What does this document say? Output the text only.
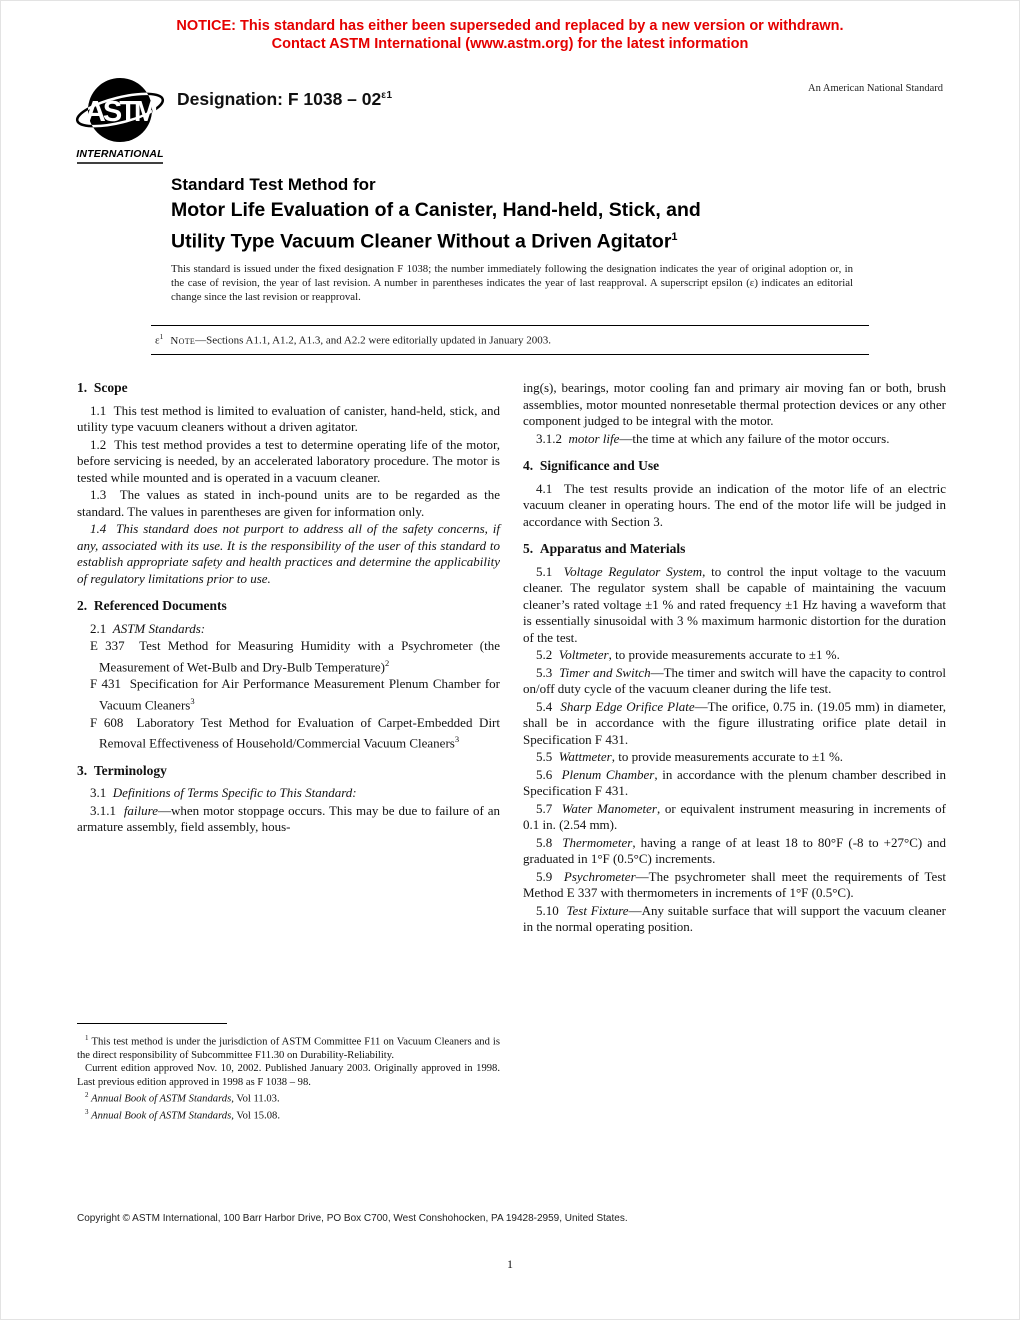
NOTICE: This standard has either been superseded and replaced by a new version or withdrawn.
Contact ASTM International (www.astm.org) for the latest information
ASTM
INTERNATIONAL
Designation: F $1038 - 02^{\varepsilon 1}$
An American National Standard
Standard Test Method for
Motor Life Evaluation of a Canister, Hand-held, Stick, and
Utility Type Vacuum Cleaner Without a Driven Agitator$^1$
This standard is issued under the fixed designation F 1038; the number immediately following the designation indicates the year of original adoption or, in the case of revision, the year of last revision. A number in parentheses indicates the year of last reapproval. A superscript epsilon (ε) indicates an editorial change since the last revision or reapproval.
$\varepsilon^1$ Note—Sections A1.1, A1.2, A1.3, and A2.2 were editorially updated in January 2003.
1.  Scope

1.1  This test method is limited to evaluation of canister, hand-held, stick, and utility type vacuum cleaners without a driven agitator.

1.2  This test method provides a test to determine operating life of the motor, before servicing is needed, by an accelerated laboratory procedure. The motor is tested while mounted and is operated in a vacuum cleaner.

1.3  The values as stated in inch-pound units are to be regarded as the standard. The values in parentheses are given for information only.

1.4  This standard does not purport to address all of the safety concerns, if any, associated with its use. It is the responsibility of the user of this standard to establish appropriate safety and health practices and determine the applicability of regulatory limitations prior to use.

2.  Referenced Documents

2.1  ASTM Standards:

E 337  Test Method for Measuring Humidity with a Psychrometer (the Measurement of Wet-Bulb and Dry-Bulb Temperature)$^2$

F 431  Specification for Air Performance Measurement Plenum Chamber for Vacuum Cleaners$^3$

F 608  Laboratory Test Method for Evaluation of Carpet-Embedded Dirt Removal Effectiveness of Household/Commercial Vacuum Cleaners$^3$

3.  Terminology

3.1  Definitions of Terms Specific to This Standard:

3.1.1  failure—when motor stoppage occurs. This may be due to failure of an armature assembly, field assembly, hous-

ing(s), bearings, motor cooling fan and primary air moving fan or both, brush assemblies, motor mounted nonresetable thermal protection devices or any other component judged to be integral with the motor.

3.1.2  motor life—the time at which any failure of the motor occurs.

4.  Significance and Use

4.1  The test results provide an indication of the motor life of an electric vacuum cleaner in operating hours. The end of the motor life will be judged in accordance with Section 3.

5.  Apparatus and Materials

5.1  Voltage Regulator System, to control the input voltage to the vacuum cleaner. The regulator system shall be capable of maintaining the vacuum cleaner’s rated voltage ±1 % and rated frequency ±1 Hz having a waveform that is essentially sinusoidal with 3 % maximum harmonic distortion for the duration of the test.

5.2  Voltmeter, to provide measurements accurate to ±1 %.

5.3  Timer and Switch—The timer and switch will have the capacity to control on/off duty cycle of the vacuum cleaner during the life test.

5.4  Sharp Edge Orifice Plate—The orifice, 0.75 in. (19.05 mm) in diameter, shall be in accordance with the figure illustrating orifice plate detail in Specification F 431.

5.5  Wattmeter, to provide measurements accurate to ±1 %.

5.6  Plenum Chamber, in accordance with the plenum chamber described in Specification F 431.

5.7  Water Manometer, or equivalent instrument measuring in increments of 0.1 in. (2.54 mm).

5.8  Thermometer, having a range of at least 18 to 80°F (-8 to +27°C) and graduated in 1°F (0.5°C) increments.

5.9  Psychrometer—The psychrometer shall meet the requirements of Test Method E 337 with thermometers in increments of 1°F (0.5°C).

5.10  Test Fixture—Any suitable surface that will support the vacuum cleaner in the normal operating position.

$^1$ This test method is under the jurisdiction of ASTM Committee F11 on Vacuum Cleaners and is the direct responsibility of Subcommittee F11.30 on Durability-Reliability.

Current edition approved Nov. 10, 2002. Published January 2003. Originally approved in 1998. Last previous edition approved in 1998 as F 1038 – 98.

$^2$ Annual Book of ASTM Standards, Vol 11.03.

$^3$ Annual Book of ASTM Standards, Vol 15.08.

Copyright © ASTM International, 100 Barr Harbor Drive, PO Box C700, West Conshohocken, PA 19428-2959, United States.
1
